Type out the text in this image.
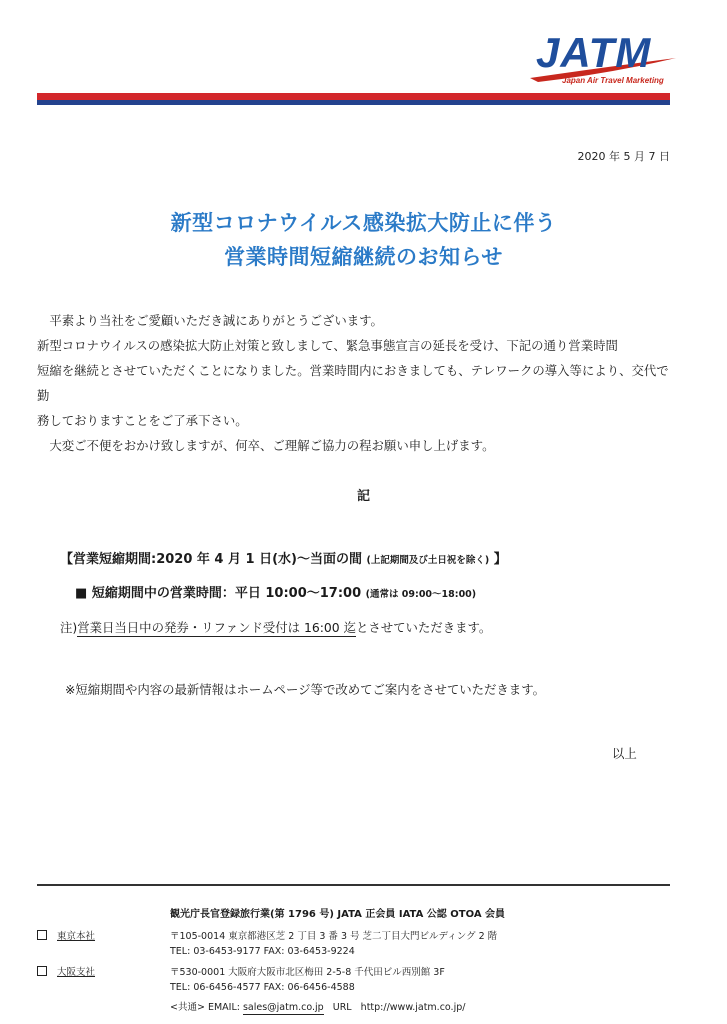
JATM
Japan Air Travel Marketing
2020 年 5 月 7 日
新型コロナウイルス感染拡大防止に伴う
営業時間短縮継続のお知らせ

平素より当社をご愛顧いただき誠にありがとうございます。

新型コロナウイルスの感染拡大防止対策と致しまして、緊急事態宣言の延長を受け、下記の通り営業時間

短縮を継続とさせていただくことになりました。営業時間内におきましても、テレワークの導入等により、交代で勤

務しておりますことをご了承下さい。

大変ご不便をおかけ致しますが、何卒、ご理解ご協力の程お願い申し上げます。

記
【営業短縮期間:2020 年 4 月 1 日(水)～当面の間 (上記期間及び土日祝を除く) 】
■ 短縮期間中の営業時間：平日 10:00～17:00 (通常は 09:00～18:00)
注)営業日当日中の発券・リファンド受付は 16:00 迄とさせていただきます。
※短縮期間や内容の最新情報はホームページ等で改めてご案内をさせていただきます。
以上
観光庁長官登録旅行業(第 1796 号) JATA 正会員 IATA 公認 OTOA 会員
東京本社	〒105-0014 東京都港区芝 2 丁目 3 番 3 号 芝二丁目大門ビルディング 2 階
TEL: 03-6453-9177 FAX: 03-6453-9224
大阪支社	〒530-0001 大阪府大阪市北区梅田 2-5-8 千代田ビル西別館 3F
TEL: 06-6456-4577 FAX: 06-6456-4588
<共通> EMAIL: sales@jatm.co.jp URL http://www.jatm.co.jp/
